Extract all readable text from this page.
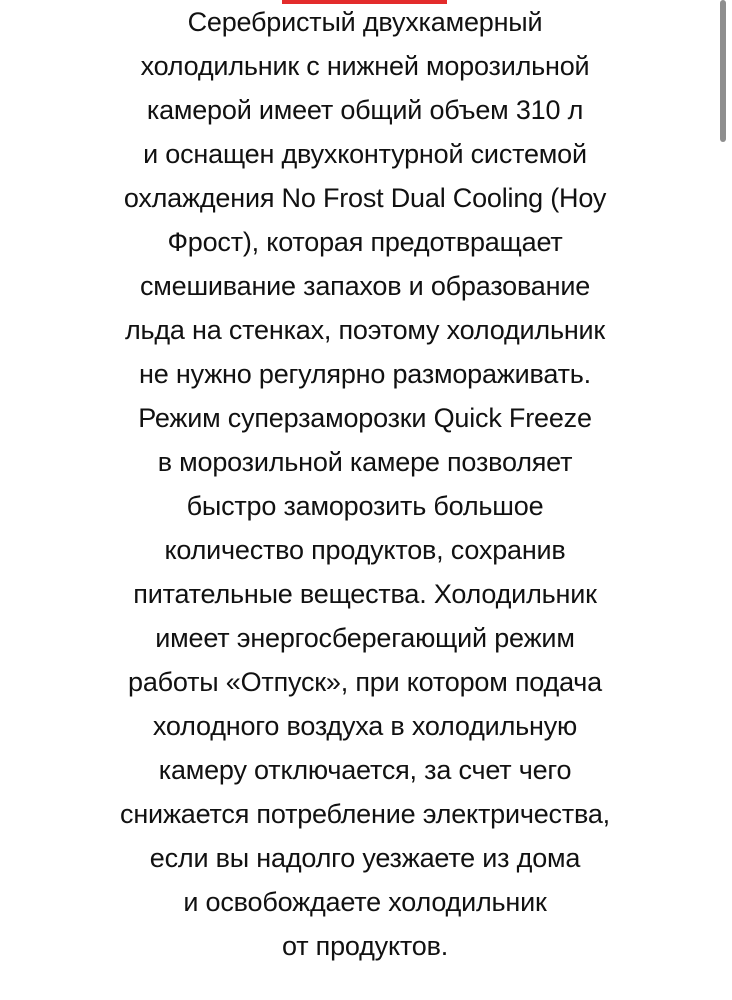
Серебристый двухкамерный
холодильник с нижней морозильной
камерой имеет общий объем 310 л
и оснащен двухконтурной системой
охлаждения No Frost Dual Cooling (Ноу
Фрост), которая предотвращает
смешивание запахов и образование
льда на стенках, поэтому холодильник
не нужно регулярно размораживать.
Режим суперзаморозки Quick Freeze
в морозильной камере позволяет
быстро заморозить большое
количество продуктов, сохранив
питательные вещества. Холодильник
имеет энергосберегающий режим
работы «Отпуск», при котором подача
холодного воздуха в холодильную
камеру отключается, за счет чего
снижается потребление электричества,
если вы надолго уезжаете из дома
и освобождаете холодильник
от продуктов.
